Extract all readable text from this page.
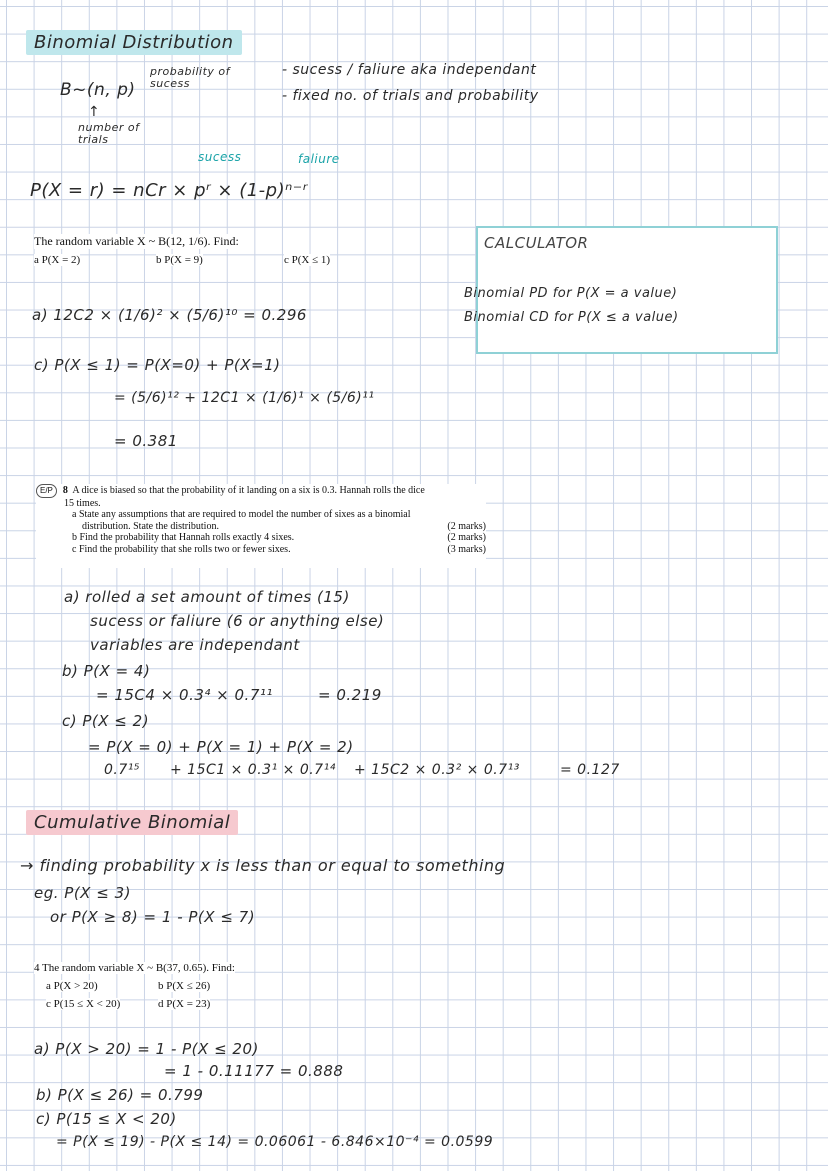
Binomial Distribution
B~(n, p)
probability of sucess
↑
number of trials
- sucess / faliure aka independant
- fixed no. of trials and probability
sucess	faliure
P(X = r) = nCr × pʳ × (1-p)ⁿ⁻ʳ
CALCULATOR
Binomial PD for P(X = a value)
Binomial CD for P(X ≤ a value)
The random variable X ~ B(12, 1/6). Find:
a P(X = 2)	b P(X = 9)	c P(X ≤ 1)
a) 12C2 × (1/6)² × (5/6)¹⁰ = 0.296
c) P(X ≤ 1) = P(X=0) + P(X=1)
= (5/6)¹² + 12C1 × (1/6)¹ × (5/6)¹¹
= 0.381
E/P 8 A dice is biased so that the probability of it landing on a six is 0.3. Hannah rolls the dice
15 times.
a State any assumptions that are required to model the number of sixes as a binomial
distribution. State the distribution.	(2 marks)
b Find the probability that Hannah rolls exactly 4 sixes.	(2 marks)
c Find the probability that she rolls two or fewer sixes.	(3 marks)
a) rolled a set amount of times (15)
sucess or faliure (6 or anything else)
variables are independant
b) P(X = 4)
= 15C4 × 0.3⁴ × 0.7¹¹	= 0.219
c) P(X ≤ 2)
= P(X = 0) + P(X = 1) + P(X = 2)
0.7¹⁵ + 15C1 × 0.3¹ × 0.7¹⁴ + 15C2 × 0.3² × 0.7¹³	= 0.127
Cumulative Binomial
→ finding probability x is less than or equal to something
eg. P(X ≤ 3)
or P(X ≥ 8) = 1 - P(X ≤ 7)
4 The random variable X ~ B(37, 0.65). Find:
a P(X > 20)	b P(X ≤ 26)
c P(15 ≤ X < 20)	d P(X = 23)
a) P(X > 20) = 1 - P(X ≤ 20)
= 1 - 0.11177 = 0.888
b) P(X ≤ 26) = 0.799
c) P(15 ≤ X < 20)
= P(X ≤ 19) - P(X ≤ 14) = 0.06061 - 6.846×10⁻⁴ = 0.0599
